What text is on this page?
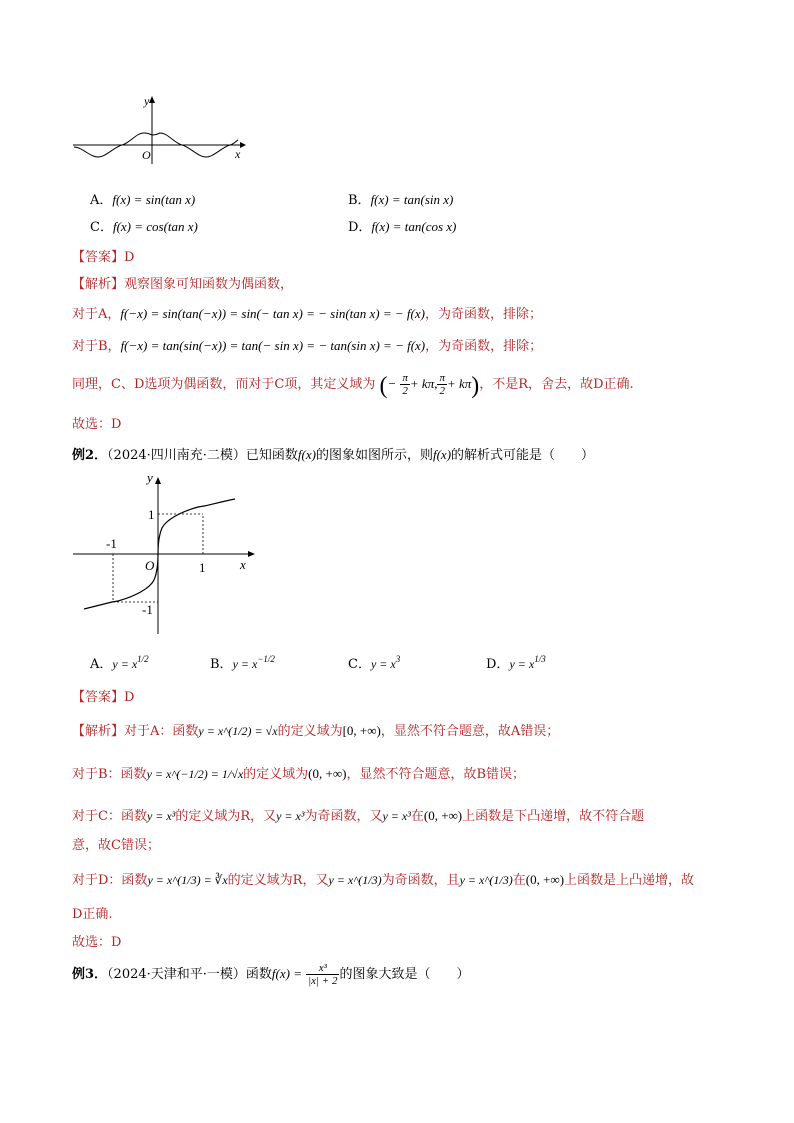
y
x
O
A．f(x) = sin(tan x)	B．f(x) = tan(sin x)
C．f(x) = cos(tan x)	D．f(x) = tan(cos x)
【答案】D
【解析】观察图象可知函数为偶函数，
对于A，f(−x) = sin(tan(−x)) = sin(− tan x) = − sin(tan x) = − f(x)，为奇函数，排除；
对于B，f(−x) = tan(sin(−x)) = tan(− sin x) = − tan(sin x) = − f(x)，为奇函数，排除；
同理，C、D选项为偶函数，而对于C项，其定义域为 (− $\frac{\pi}{2} + k\pi$, $\frac{\pi}{2} + k\pi$)，不是R，舍去，故D正确.
故选：D
例2．（2024·四川南充·二模）已知函数f(x)的图象如图所示，则f(x)的解析式可能是（　　）
y
x
O	1
-1
1
-1
A．$y = x^{1/2}$	B．$y = x^{-1/2}$	C．$y = x^3$	D．$y = x^{1/3}$
【答案】D
【解析】对于A：函数y = x^(1/2) = √x的定义域为[0, +∞)，显然不符合题意，故A错误；
对于B：函数y = x^(−1/2) = 1/√x的定义域为(0, +∞)，显然不符合题意，故B错误；
对于C：函数y = x³的定义域为R，又y = x³为奇函数，又y = x³在(0, +∞)上函数是下凸递增，故不符合题
意，故C错误；
对于D：函数y = x^(1/3) = ∛x的定义域为R，又y = x^(1/3)为奇函数，且y = x^(1/3)在(0, +∞)上函数是上凸递增，故
D正确.
故选：D
例3．（2024·天津和平·一模）函数$f(x) = \frac{\text{x³}}{|x| + 2}$ 的图象大致是（　　）
